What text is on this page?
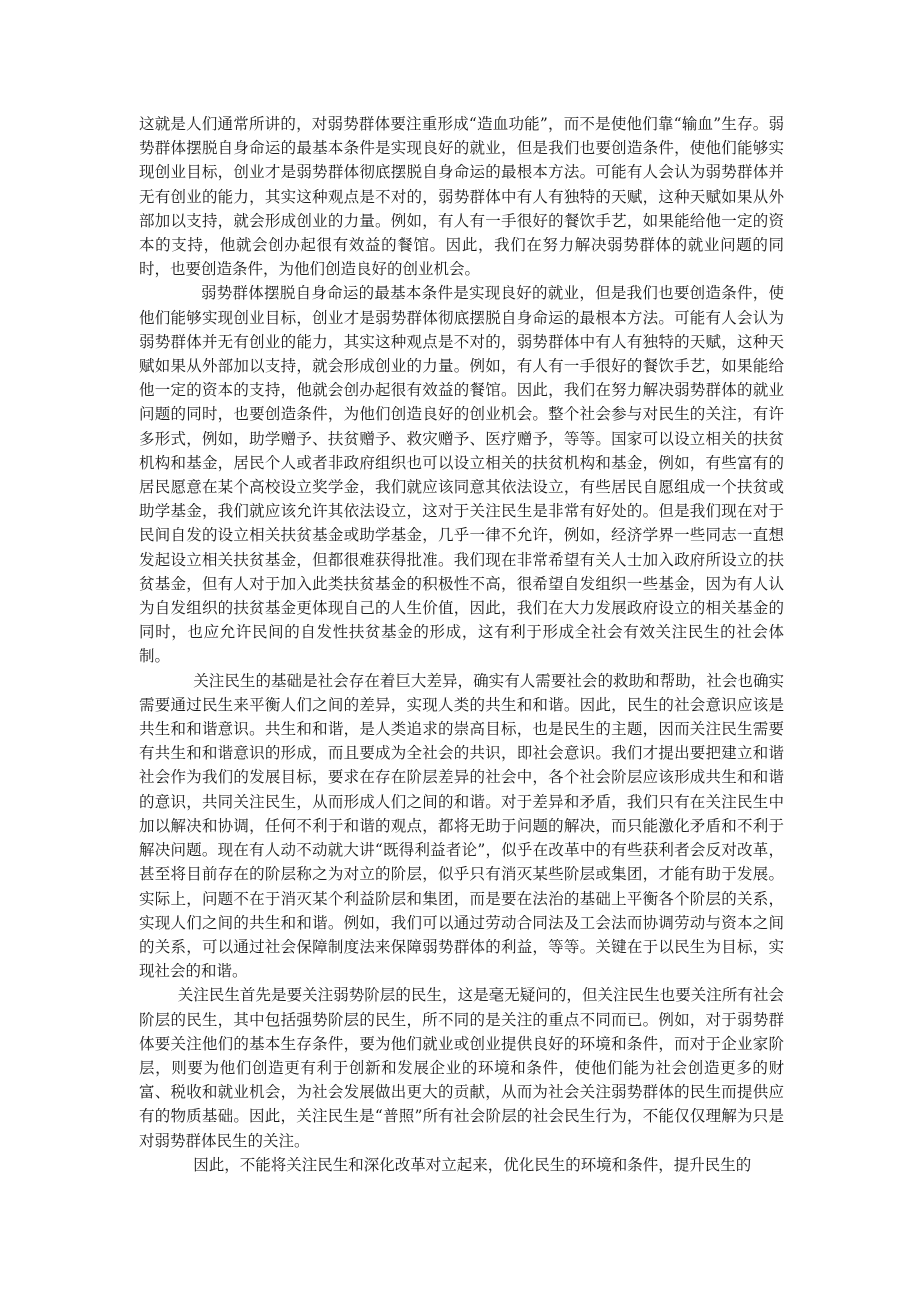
这就是人们通常所讲的，对弱势群体要注重形成“造血功能”，而不是使他们靠“输血”生存。弱势群体摆脱自身命运的最基本条件是实现良好的就业，但是我们也要创造条件，使他们能够实现创业目标，创业才是弱势群体彻底摆脱自身命运的最根本方法。可能有人会认为弱势群体并无有创业的能力，其实这种观点是不对的，弱势群体中有人有独特的天赋，这种天赋如果从外部加以支持，就会形成创业的力量。例如，有人有一手很好的餐饮手艺，如果能给他一定的资本的支持，他就会创办起很有效益的餐馆。因此，我们在努力解决弱势群体的就业问题的同时，也要创造条件，为他们创造良好的创业机会。

弱势群体摆脱自身命运的最基本条件是实现良好的就业，但是我们也要创造条件，使他们能够实现创业目标，创业才是弱势群体彻底摆脱自身命运的最根本方法。可能有人会认为弱势群体并无有创业的能力，其实这种观点是不对的，弱势群体中有人有独特的天赋，这种天赋如果从外部加以支持，就会形成创业的力量。例如，有人有一手很好的餐饮手艺，如果能给他一定的资本的支持，他就会创办起很有效益的餐馆。因此，我们在努力解决弱势群体的就业问题的同时，也要创造条件，为他们创造良好的创业机会。整个社会参与对民生的关注，有许多形式，例如，助学赠予、扶贫赠予、救灾赠予、医疗赠予，等等。国家可以设立相关的扶贫机构和基金，居民个人或者非政府组织也可以设立相关的扶贫机构和基金，例如，有些富有的居民愿意在某个高校设立奖学金，我们就应该同意其依法设立，有些居民自愿组成一个扶贫或助学基金，我们就应该允许其依法设立，这对于关注民生是非常有好处的。但是我们现在对于民间自发的设立相关扶贫基金或助学基金，几乎一律不允许，例如，经济学界一些同志一直想发起设立相关扶贫基金，但都很难获得批准。我们现在非常希望有关人士加入政府所设立的扶贫基金，但有人对于加入此类扶贫基金的积极性不高，很希望自发组织一些基金，因为有人认为自发组织的扶贫基金更体现自己的人生价值，因此，我们在大力发展政府设立的相关基金的同时，也应允许民间的自发性扶贫基金的形成，这有利于形成全社会有效关注民生的社会体制。

关注民生的基础是社会存在着巨大差异，确实有人需要社会的救助和帮助，社会也确实需要通过民生来平衡人们之间的差异，实现人类的共生和和谐。因此，民生的社会意识应该是共生和和谐意识。共生和和谐，是人类追求的崇高目标，也是民生的主题，因而关注民生需要有共生和和谐意识的形成，而且要成为全社会的共识，即社会意识。我们才提出要把建立和谐社会作为我们的发展目标，要求在存在阶层差异的社会中，各个社会阶层应该形成共生和和谐的意识，共同关注民生，从而形成人们之间的和谐。对于差异和矛盾，我们只有在关注民生中加以解决和协调，任何不利于和谐的观点，都将无助于问题的解决，而只能激化矛盾和不利于解决问题。现在有人动不动就大讲“既得利益者论”，似乎在改革中的有些获利者会反对改革，甚至将目前存在的阶层称之为对立的阶层，似乎只有消灭某些阶层或集团，才能有助于发展。实际上，问题不在于消灭某个利益阶层和集团，而是要在法治的基础上平衡各个阶层的关系，实现人们之间的共生和和谐。例如，我们可以通过劳动合同法及工会法而协调劳动与资本之间的关系，可以通过社会保障制度法来保障弱势群体的利益，等等。关键在于以民生为目标，实现社会的和谐。

关注民生首先是要关注弱势阶层的民生，这是毫无疑问的，但关注民生也要关注所有社会阶层的民生，其中包括强势阶层的民生，所不同的是关注的重点不同而已。例如，对于弱势群体要关注他们的基本生存条件，要为他们就业或创业提供良好的环境和条件，而对于企业家阶层，则要为他们创造更有利于创新和发展企业的环境和条件，使他们能为社会创造更多的财富、税收和就业机会，为社会发展做出更大的贡献，从而为社会关注弱势群体的民生而提供应有的物质基础。因此，关注民生是“普照”所有社会阶层的社会民生行为，不能仅仅理解为只是对弱势群体民生的关注。

因此，不能将关注民生和深化改革对立起来，优化民生的环境和条件，提升民生的
